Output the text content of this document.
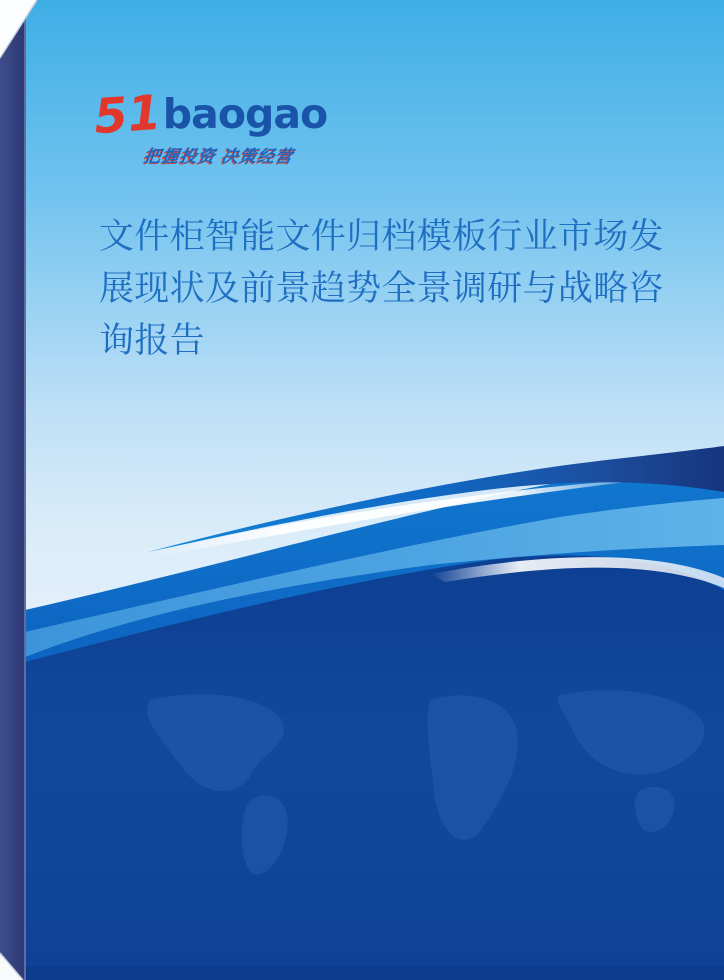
51 baogao
把握投资 决策经营
文件柜智能文件归档模板行业市场发
展现状及前景趋势全景调研与战略咨
询报告
